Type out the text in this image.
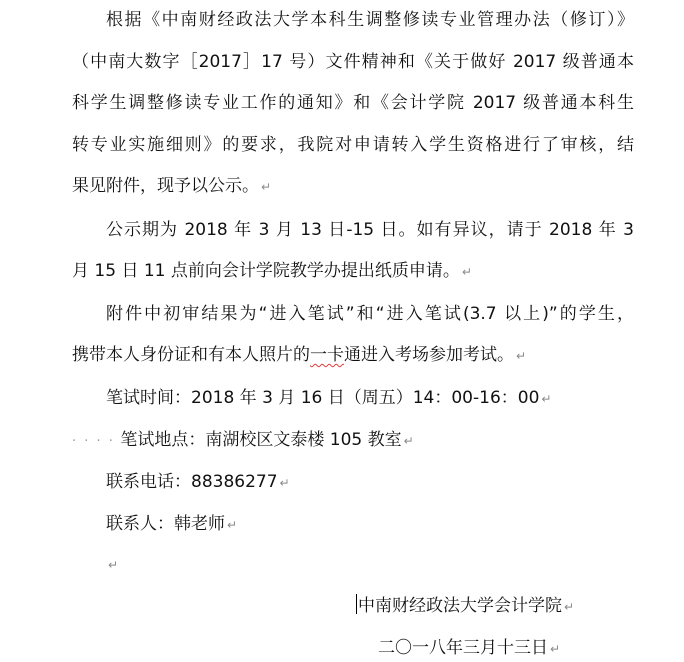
根据《中南财经政法大学本科生调整修读专业管理办法（修订）》
（中南大数字［2017］17 号）文件精神和《关于做好 2017 级普通本
科学生调整修读专业工作的通知》和《会计学院 2017 级普通本科生
转专业实施细则》的要求，我院对申请转入学生资格进行了审核，结
果见附件，现予以公示。 ↵
公示期为 2018 年 3 月 13 日-15 日。如有异议，请于 2018 年 3
月 15 日 11 点前向会计学院教学办提出纸质申请。 ↵
附件中初审结果为“进入笔试”和“进入笔试(3.7 以上)”的学生，
携带本人身份证和有本人照片的一卡通进入考场参加考试。 ↵
笔试时间：2018 年 3 月 16 日（周五）14：00-16：00 ↵
· · · · 笔试地点：南湖校区文泰楼 105 教室 ↵
联系电话：88386277 ↵
联系人：韩老师 ↵
↵
中南财经政法大学会计学院 ↵
二〇一八年三月十三日 ↵
